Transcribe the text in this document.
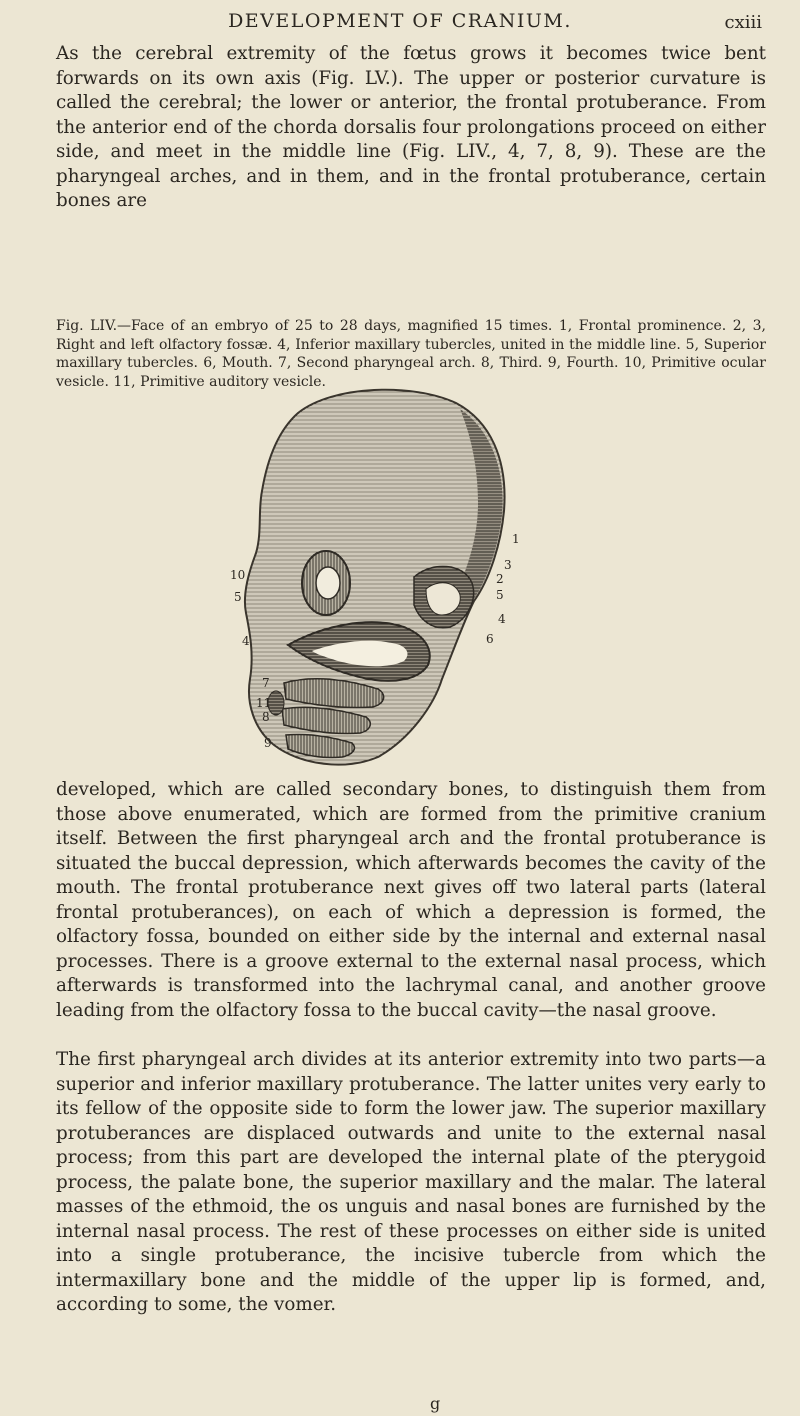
DEVELOPMENT OF CRANIUM.	cxiii

As the cerebral extremity of the fœtus grows it becomes twice bent forwards on its own axis (Fig. LV.). The upper or posterior curvature is called the cerebral; the lower or anterior, the frontal protuberance. From the anterior end of the chorda dorsalis four prolongations proceed on either side, and meet in the middle line (Fig. LIV., 4, 7, 8, 9). These are the pharyngeal arches, and in them, and in the frontal protuberance, certain bones are

Fig. LIV.—Face of an embryo of 25 to 28 days, magnified 15 times. 1, Frontal prominence. 2, 3, Right and left olfactory fossæ. 4, Inferior maxillary tubercles, united in the middle line. 5, Superior maxillary tubercles. 6, Mouth. 7, Second pharyngeal arch. 8, Third. 9, Fourth. 10, Primitive ocular vesicle. 11, Primitive auditory vesicle.

1
2
3
5
4
6
10
5
4
7
11
8
9

developed, which are called secondary bones, to distinguish them from those above enumerated, which are formed from the primitive cranium itself. Between the first pharyngeal arch and the frontal protuberance is situated the buccal depression, which afterwards becomes the cavity of the mouth. The frontal protuberance next gives off two lateral parts (lateral frontal protuberances), on each of which a depression is formed, the olfactory fossa, bounded on either side by the internal and external nasal processes. There is a groove external to the external nasal process, which afterwards is transformed into the lachrymal canal, and another groove leading from the olfactory fossa to the buccal cavity—the nasal groove.

The first pharyngeal arch divides at its anterior extremity into two parts—a superior and inferior maxillary protuberance. The latter unites very early to its fellow of the opposite side to form the lower jaw. The superior maxillary protuberances are displaced outwards and unite to the external nasal process; from this part are developed the internal plate of the pterygoid process, the palate bone, the superior maxillary and the malar. The lateral masses of the ethmoid, the os unguis and nasal bones are furnished by the internal nasal process. The rest of these processes on either side is united into a single protuberance, the incisive tubercle from which the intermaxillary bone and the middle of the upper lip is formed, and, according to some, the vomer.

g
